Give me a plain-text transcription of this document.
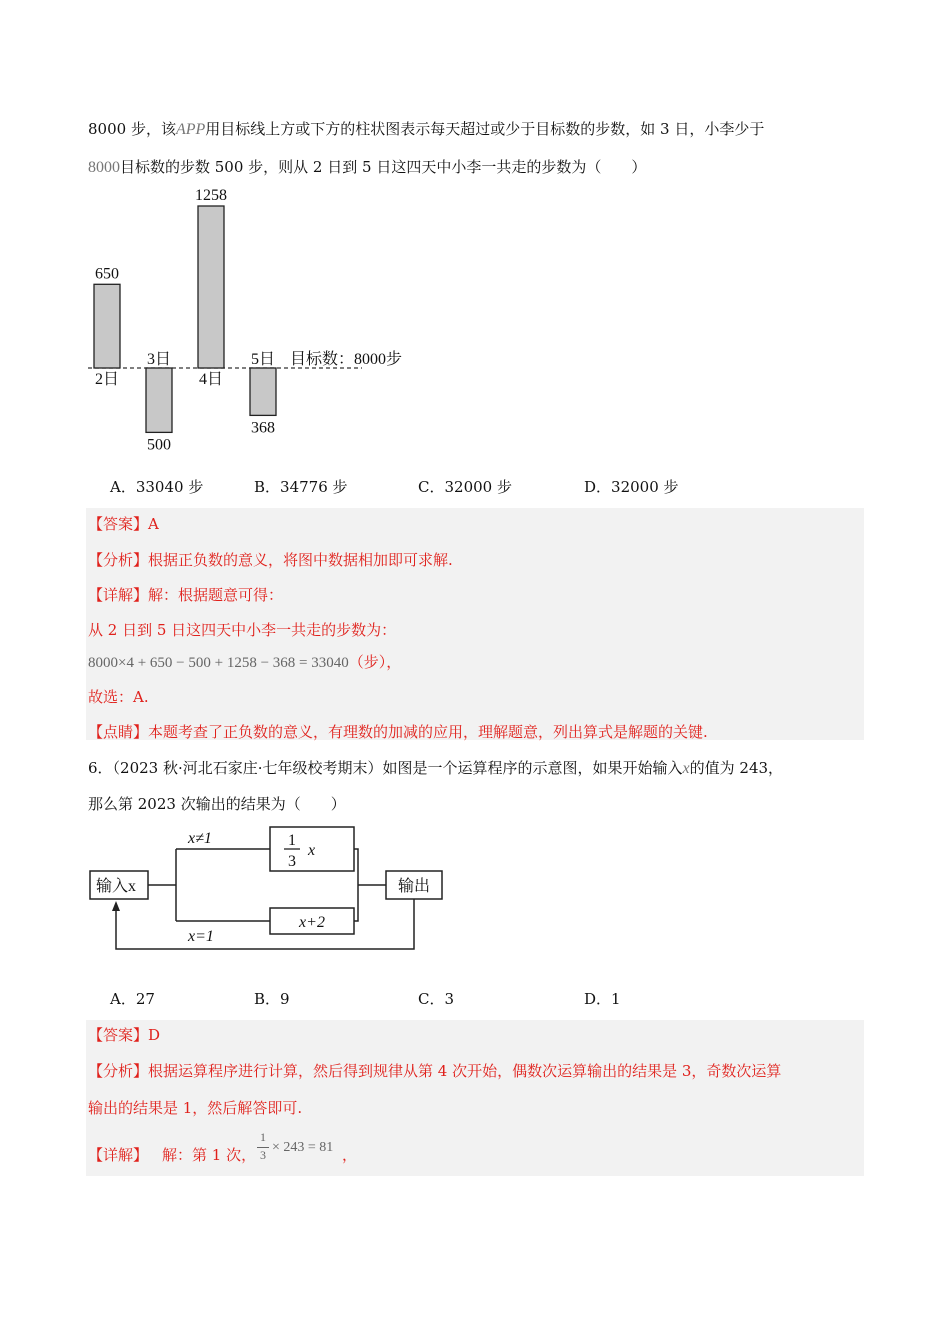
8000 步，该APP用目标线上方或下方的柱状图表示每天超过或少于目标数的步数，如 3 日，小李少于
8000目标数的步数 500 步，则从 2 日到 5 日这四天中小李一共走的步数为（　　）
650
2日
500
3日
1258
4日
368
5日 目标数：8000步
A．33040 步	B．34776 步	C．32000 步	D．32000 步
【答案】A
【分析】根据正负数的意义，将图中数据相加即可求解.
【详解】解：根据题意可得：
从 2 日到 5 日这四天中小李一共走的步数为：
8000×4 + 650 − 500 + 1258 − 368 = 33040（步），
故选：A.
【点睛】本题考查了正负数的意义，有理数的加减的应用，理解题意，列出算式是解题的关键.
6．（2023 秋·河北石家庄·七年级校考期末）如图是一个运算程序的示意图，如果开始输入x的值为 243，
那么第 2023 次输出的结果为（　　）
输入x	输出
x≠1
x=1
1
3
x
x+2
A．27	B．9	C．3	D．1
【答案】D
【分析】根据运算程序进行计算，然后得到规律从第 4 次开始，偶数次运算输出的结果是 3，奇数次运算
输出的结果是 1，然后解答即可.
【详解】 解：第 1 次，
1
3 × 243 = 81 ，
